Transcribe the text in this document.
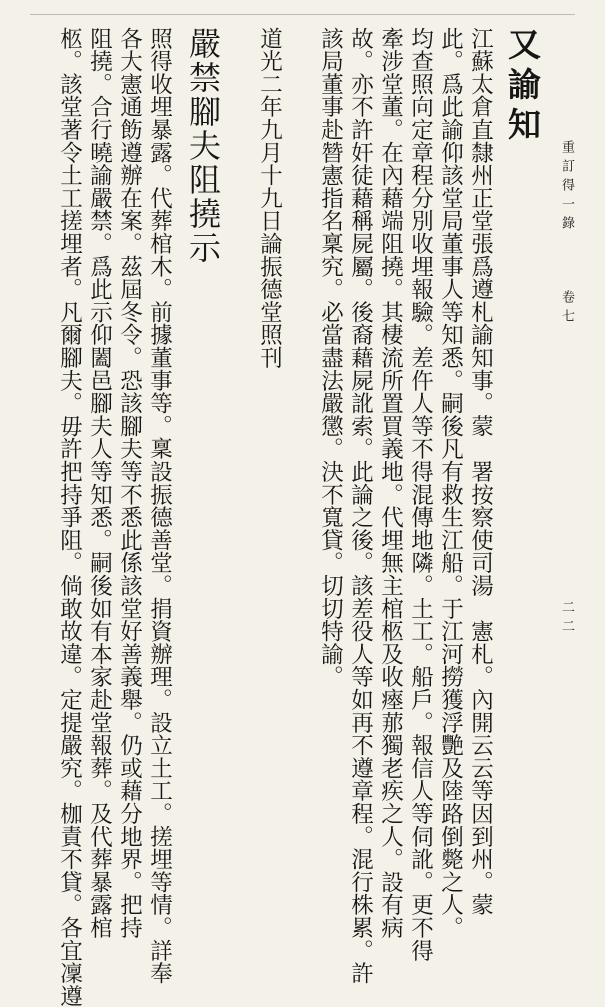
重訂得一錄
卷七
二二
又諭知
江蘇太倉直隸州正堂張爲遵札諭知事。蒙　署按察使司湯　憲札。內開云云等因到州。蒙
此。爲此諭仰該堂局董事人等知悉。嗣後凡有救生江船。于江河撈獲浮艷及陸路倒斃之人。
均查照向定章程分別收埋報驗。差仵人等不得混傳地隣。土工。船戶。報信人等伺訛。更不得
牽涉堂董。在內藉端阻撓。其棲流所置買義地。代埋無主棺柩及收瘞𦰡獨老疾之人。設有病
故。亦不許奸徒藉稱屍屬。後裔藉屍訛索。此論之後。該差役人等如再不遵章程。混行株累。許
該局董事赴㬱憲指名稟究。必當盡法嚴懲。決不寬貸。切切特諭。
道光二年九月十九日論振德堂照刊
嚴禁腳夫阻撓示
照得收埋暴露。代葬棺木。前據董事等。稟設振德善堂。捐資辦理。設立土工。搓埋等情。詳奉
各大憲通飭遵辦在案。茲屆冬令。恐該腳夫等不悉此係該堂好善義舉。仍或藉分地界。把持
阻撓。合行曉諭嚴禁。爲此示仰闔邑腳夫人等知悉。嗣後如有本家赴堂報葬。及代葬暴露棺
柩。該堂著令土工搓埋者。凡爾腳夫。毋許把持爭阻。倘敢故違。定提嚴究。枷責不貸。各宜凜遵
